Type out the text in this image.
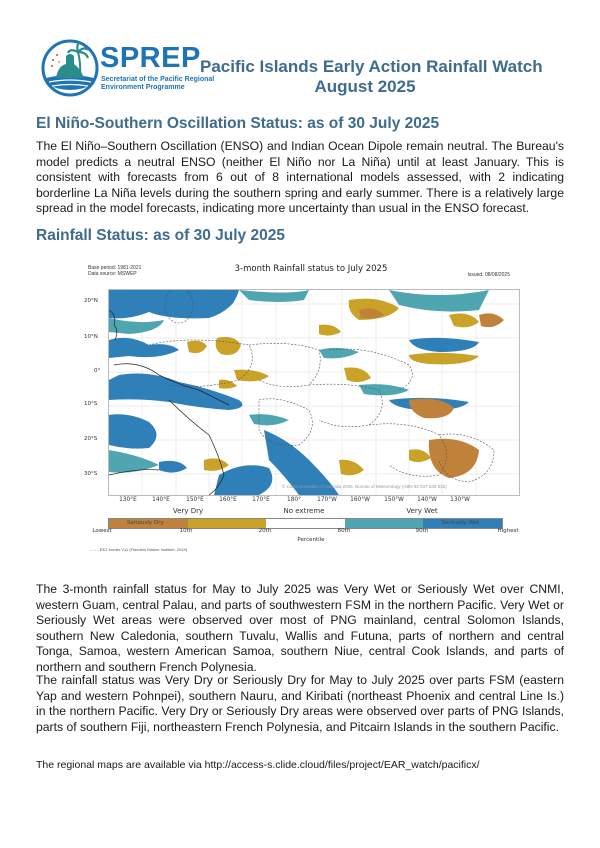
SPREP
Secretariat of the Pacific Regional
Environment Programme
Pacific Islands Early Action Rainfall Watch
August 2025
El Niño-Southern Oscillation Status: as of 30 July 2025
The El Niño–Southern Oscillation (ENSO) and Indian Ocean Dipole remain neutral. The Bureau's model predicts a neutral ENSO (neither El Niño nor La Niña) until at least January. This is consistent with forecasts from 6 out of 8 international models assessed, with 2 indicating borderline La Niña levels during the southern spring and early summer. There is a relatively large spread in the model forecasts, indicating more uncertainty than usual in the ENSO forecast.
Rainfall Status: as of 30 July 2025
Base period: 1981-2021
Data source: MSWEP	3-month Rainfall status to July 2025
Issued: 08/08/2025
20°N
10°N
0°
10°S
20°S
30°S
© Commonwealth of Australia 2025, Bureau of Meteorology (ABN 92 637 533 532)
130°E	140°E	150°E	160°E	170°E	180°	170°W 160°W 150°W 140°W 130°W
Very Dry	No extreme	Very Wet
Seriously Dry	Seriously Wet
Lowest	10th	20th	80th	90th	Highest
Percentile
- - - - EEZ border V11 (Flanders Marine Institute, 2019)
The 3-month rainfall status for May to July 2025 was Very Wet or Seriously Wet over CNMI, western Guam, central Palau, and parts of southwestern FSM in the northern Pacific. Very Wet or Seriously Wet areas were observed over most of PNG mainland, central Solomon Islands, southern New Caledonia, southern Tuvalu, Wallis and Futuna, parts of northern and central Tonga, Samoa, western American Samoa, southern Niue, central Cook Islands, and parts of northern and southern French Polynesia.
The rainfall status was Very Dry or Seriously Dry for May to July 2025 over parts FSM (eastern Yap and western Pohnpei), southern Nauru, and Kiribati (northeast Phoenix and central Line Is.) in the northern Pacific. Very Dry or Seriously Dry areas were observed over parts of PNG Islands, parts of southern Fiji, northeastern French Polynesia, and Pitcairn Islands in the southern Pacific.
The regional maps are available via http://access-s.clide.cloud/files/project/EAR_watch/pacificx/
